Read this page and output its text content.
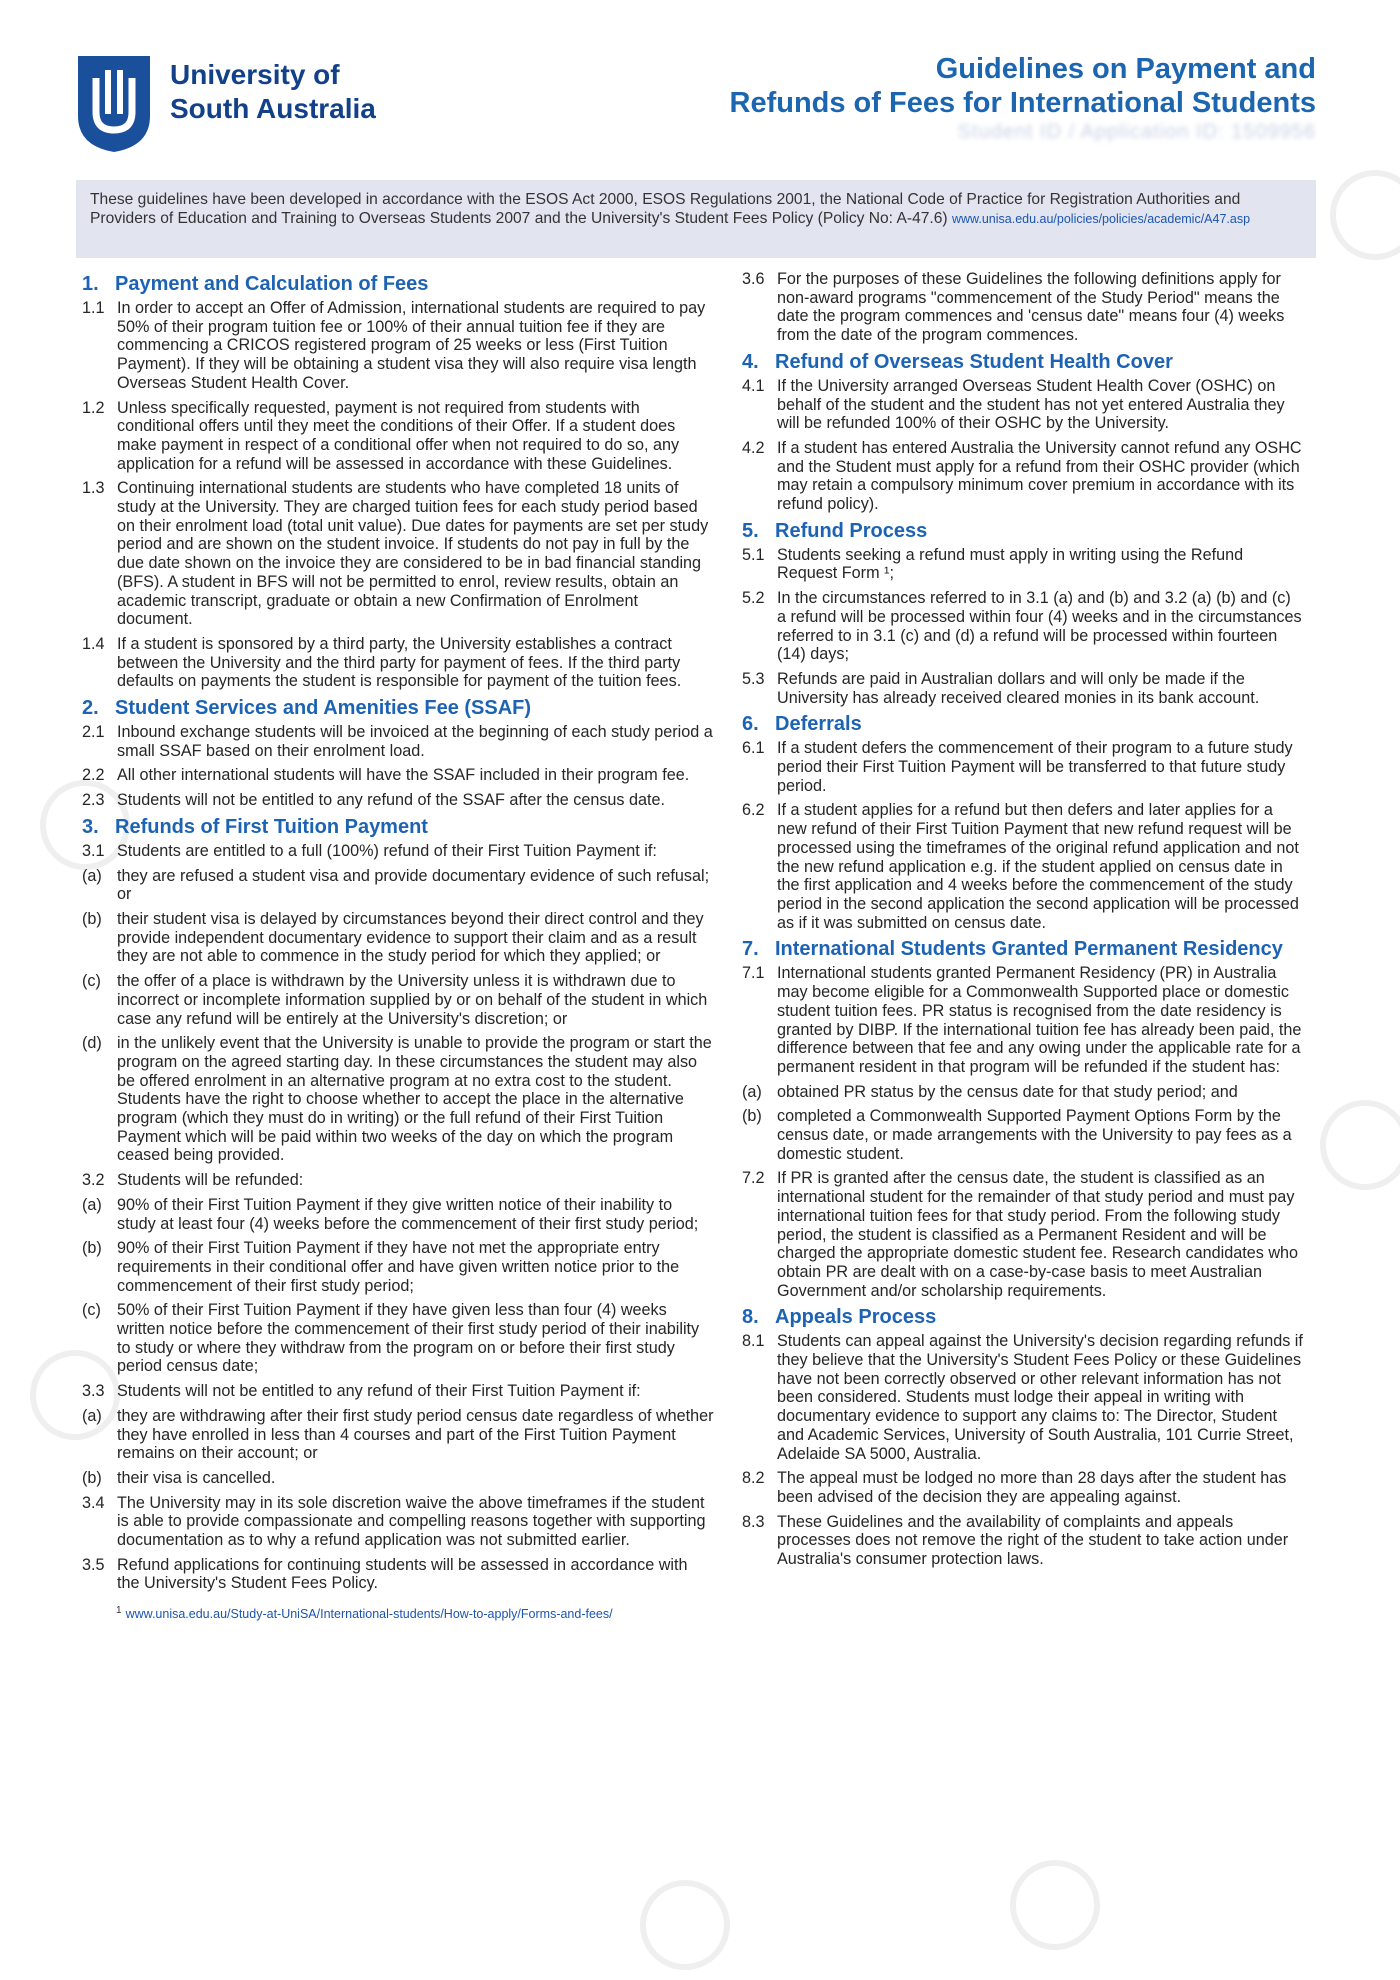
University of
South Australia
Guidelines on Payment and
Refunds of Fees for International Students
Student ID / Application ID: 1509956
These guidelines have been developed in accordance with the ESOS Act 2000, ESOS Regulations 2001, the National Code of Practice for Registration Authorities and Providers of Education and Training to Overseas Students 2007 and the University's Student Fees Policy (Policy No: A-47.6) www.unisa.edu.au/policies/policies/academic/A47.asp
1. Payment and Calculation of Fees
1.1 In order to accept an Offer of Admission, international students are required to pay 50% of their program tuition fee or 100% of their annual tuition fee if they are commencing a CRICOS registered program of 25 weeks or less (First Tuition Payment). If they will be obtaining a student visa they will also require visa length Overseas Student Health Cover.
1.2 Unless specifically requested, payment is not required from students with conditional offers until they meet the conditions of their Offer. If a student does make payment in respect of a conditional offer when not required to do so, any application for a refund will be assessed in accordance with these Guidelines.
1.3 Continuing international students are students who have completed 18 units of study at the University. They are charged tuition fees for each study period based on their enrolment load (total unit value). Due dates for payments are set per study period and are shown on the student invoice. If students do not pay in full by the due date shown on the invoice they are considered to be in bad financial standing (BFS). A student in BFS will not be permitted to enrol, review results, obtain an academic transcript, graduate or obtain a new Confirmation of Enrolment document.
1.4 If a student is sponsored by a third party, the University establishes a contract between the University and the third party for payment of fees. If the third party defaults on payments the student is responsible for payment of the tuition fees.
2. Student Services and Amenities Fee (SSAF)
2.1 Inbound exchange students will be invoiced at the beginning of each study period a small SSAF based on their enrolment load.
2.2 All other international students will have the SSAF included in their program fee.
2.3 Students will not be entitled to any refund of the SSAF after the census date.
3. Refunds of First Tuition Payment
3.1 Students are entitled to a full (100%) refund of their First Tuition Payment if:
(a) they are refused a student visa and provide documentary evidence of such refusal; or
(b) their student visa is delayed by circumstances beyond their direct control and they provide independent documentary evidence to support their claim and as a result they are not able to commence in the study period for which they applied; or
(c) the offer of a place is withdrawn by the University unless it is withdrawn due to incorrect or incomplete information supplied by or on behalf of the student in which case any refund will be entirely at the University's discretion; or
(d) in the unlikely event that the University is unable to provide the program or start the program on the agreed starting day. In these circumstances the student may also be offered enrolment in an alternative program at no extra cost to the student. Students have the right to choose whether to accept the place in the alternative program (which they must do in writing) or the full refund of their First Tuition Payment which will be paid within two weeks of the day on which the program ceased being provided.
3.2 Students will be refunded:
(a) 90% of their First Tuition Payment if they give written notice of their inability to study at least four (4) weeks before the commencement of their first study period;
(b) 90% of their First Tuition Payment if they have not met the appropriate entry requirements in their conditional offer and have given written notice prior to the commencement of their first study period;
(c) 50% of their First Tuition Payment if they have given less than four (4) weeks written notice before the commencement of their first study period of their inability to study or where they withdraw from the program on or before their first study period census date;
3.3 Students will not be entitled to any refund of their First Tuition Payment if:
(a) they are withdrawing after their first study period census date regardless of whether they have enrolled in less than 4 courses and part of the First Tuition Payment remains on their account; or
(b) their visa is cancelled.
3.4 The University may in its sole discretion waive the above timeframes if the student is able to provide compassionate and compelling reasons together with supporting documentation as to why a refund application was not submitted earlier.
3.5 Refund applications for continuing students will be assessed in accordance with the University's Student Fees Policy.
$^1$ www.unisa.edu.au/Study-at-UniSA/International-students/How-to-apply/Forms-and-fees/
3.6 For the purposes of these Guidelines the following definitions apply for non-award programs "commencement of the Study Period" means the date the program commences and 'census date" means four (4) weeks from the date of the program commences.
4. Refund of Overseas Student Health Cover
4.1 If the University arranged Overseas Student Health Cover (OSHC) on behalf of the student and the student has not yet entered Australia they will be refunded 100% of their OSHC by the University.
4.2 If a student has entered Australia the University cannot refund any OSHC and the Student must apply for a refund from their OSHC provider (which may retain a compulsory minimum cover premium in accordance with its refund policy).
5. Refund Process
5.1 Students seeking a refund must apply in writing using the Refund Request Form ¹;
5.2 In the circumstances referred to in 3.1 (a) and (b) and 3.2 (a) (b) and (c) a refund will be processed within four (4) weeks and in the circumstances referred to in 3.1 (c) and (d) a refund will be processed within fourteen (14) days;
5.3 Refunds are paid in Australian dollars and will only be made if the University has already received cleared monies in its bank account.
6. Deferrals
6.1 If a student defers the commencement of their program to a future study period their First Tuition Payment will be transferred to that future study period.
6.2 If a student applies for a refund but then defers and later applies for a new refund of their First Tuition Payment that new refund request will be processed using the timeframes of the original refund application and not the new refund application e.g. if the student applied on census date in the first application and 4 weeks before the commencement of the study period in the second application the second application will be processed as if it was submitted on census date.
7. International Students Granted Permanent Residency
7.1 International students granted Permanent Residency (PR) in Australia may become eligible for a Commonwealth Supported place or domestic student tuition fees. PR status is recognised from the date residency is granted by DIBP. If the international tuition fee has already been paid, the difference between that fee and any owing under the applicable rate for a permanent resident in that program will be refunded if the student has:
(a) obtained PR status by the census date for that study period; and
(b) completed a Commonwealth Supported Payment Options Form by the census date, or made arrangements with the University to pay fees as a domestic student.
7.2 If PR is granted after the census date, the student is classified as an international student for the remainder of that study period and must pay international tuition fees for that study period. From the following study period, the student is classified as a Permanent Resident and will be charged the appropriate domestic student fee. Research candidates who obtain PR are dealt with on a case-by-case basis to meet Australian Government and/or scholarship requirements.
8. Appeals Process
8.1 Students can appeal against the University's decision regarding refunds if they believe that the University's Student Fees Policy or these Guidelines have not been correctly observed or other relevant information has not been considered. Students must lodge their appeal in writing with documentary evidence to support any claims to: The Director, Student and Academic Services, University of South Australia, 101 Currie Street, Adelaide SA 5000, Australia.
8.2 The appeal must be lodged no more than 28 days after the student has been advised of the decision they are appealing against.
8.3 These Guidelines and the availability of complaints and appeals processes does not remove the right of the student to take action under Australia's consumer protection laws.
